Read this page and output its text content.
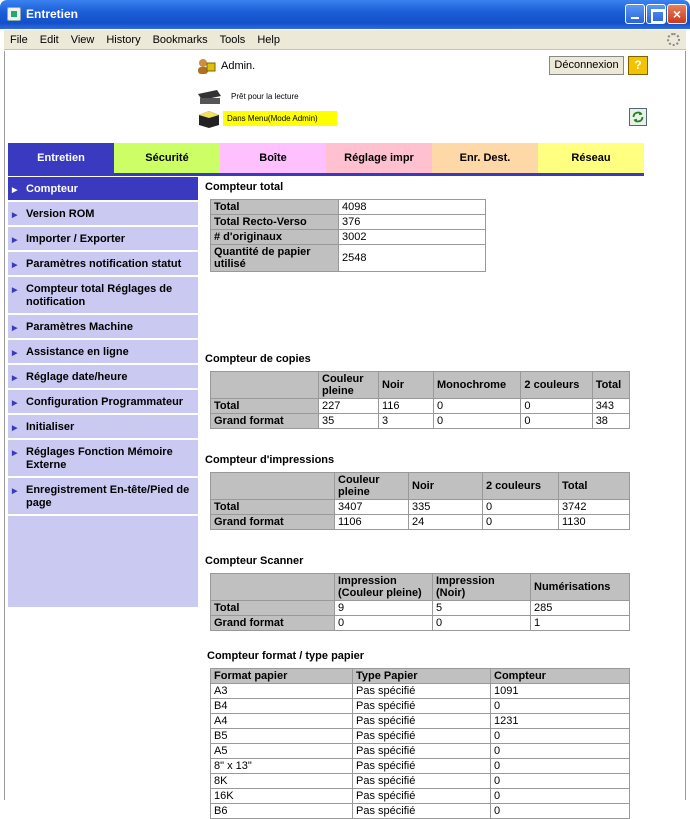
Entretien	×
File Edit View History Bookmarks Tools Help
Admin.	Déconnexion	?
Prêt pour la lecture
Dans Menu(Mode Admin)
Entretien	Sécurité	Boîte	Réglage impr	Enr. Dest.	Réseau
▶ Compteur
▶ Version ROM
▶ Importer / Exporter
▶ Paramètres notification statut
▶ Compteur total Réglages de notification
▶ Paramètres Machine
▶ Assistance en ligne
▶ Réglage date/heure
▶ Configuration Programmateur
▶ Initialiser
▶ Réglages Fonction Mémoire Externe
▶ Enregistrement En-tête/Pied de page
Compteur total
Total	4098
Total Recto-Verso	376
# d'originaux	3002
Quantité de papier utilisé	2548
Compteur de copies
	Couleur pleine	Noir	Monochrome	2 couleurs	Total
Total	227	116	0	0	343
Grand format	35	3	0	0	38
Compteur d'impressions
	Couleur pleine	Noir	2 couleurs	Total
Total	3407	335	0	3742
Grand format	1106	24	0	1130
Compteur Scanner
	Impression (Couleur pleine)	Impression (Noir)	Numérisations
Total	9	5	285
Grand format	0	0	1
Compteur format / type papier
Format papier	Type Papier	Compteur
A3	Pas spécifié	1091
B4	Pas spécifié	0
A4	Pas spécifié	1231
B5	Pas spécifié	0
A5	Pas spécifié	0
8" x 13"	Pas spécifié	0
8K	Pas spécifié	0
16K	Pas spécifié	0
B6	Pas spécifié	0
